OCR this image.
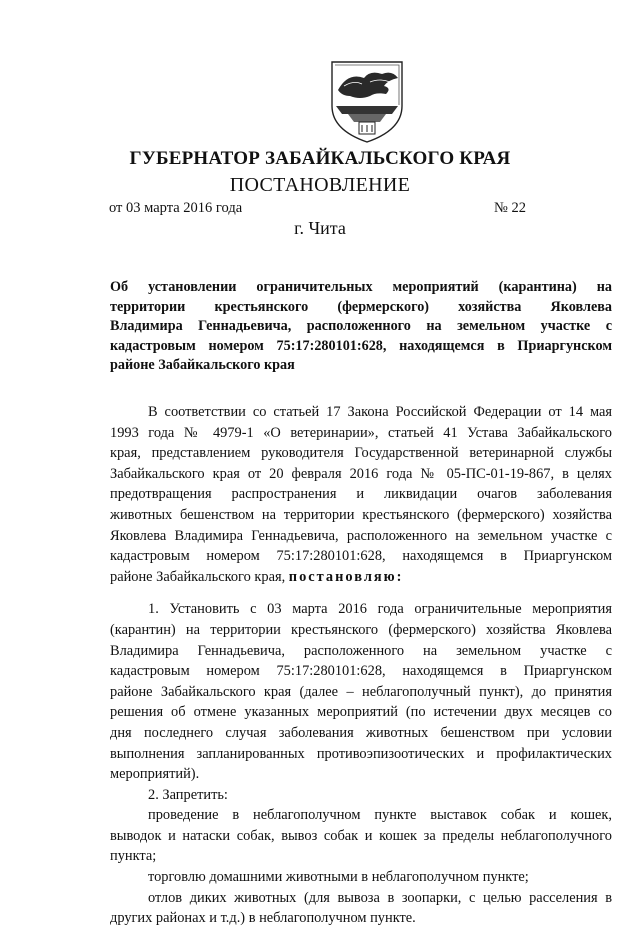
ГУБЕРНАТОР ЗАБАЙКАЛЬСКОГО КРАЯ
ПОСТАНОВЛЕНИЕ
от 03 марта 2016 года	№ 22
г. Чита
Об установлении ограничительных мероприятий (карантина) на
территории крестьянского (фермерского) хозяйства Яковлева
Владимира Геннадьевича, расположенного на земельном участке с
кадастровым номером 75:17:280101:628, находящемся в Приаргунском
районе Забайкальского края
В соответствии со статьей 17 Закона Российской Федерации от 14 мая
1993 года № 4979-1 «О ветеринарии», статьей 41 Устава Забайкальского
края, представлением руководителя Государственной ветеринарной службы
Забайкальского края от 20 февраля 2016 года № 05-ПС-01-19-867, в целях
предотвращения распространения и ликвидации очагов заболевания
животных бешенством на территории крестьянского (фермерского) хозяйства
Яковлева Владимира Геннадьевича, расположенного на земельном участке с
кадастровым номером 75:17:280101:628, находящемся в Приаргунском
районе Забайкальского края, постановляю:
1. Установить с 03 марта 2016 года ограничительные мероприятия
(карантин) на территории крестьянского (фермерского) хозяйства Яковлева
Владимира Геннадьевича, расположенного на земельном участке с
кадастровым номером 75:17:280101:628, находящемся в Приаргунском
районе Забайкальского края (далее – неблагополучный пункт), до принятия
решения об отмене указанных мероприятий (по истечении двух месяцев со
дня последнего случая заболевания животных бешенством при условии
выполнения запланированных противоэпизоотических и профилактических
мероприятий).
2. Запретить:
проведение в неблагополучном пункте выставок собак и кошек,
выводок и натаски собак, вывоз собак и кошек за пределы неблагополучного
пункта;
торговлю домашними животными в неблагополучном пункте;
отлов диких животных (для вывоза в зоопарки, с целью расселения в
других районах и т.д.) в неблагополучном пункте.
